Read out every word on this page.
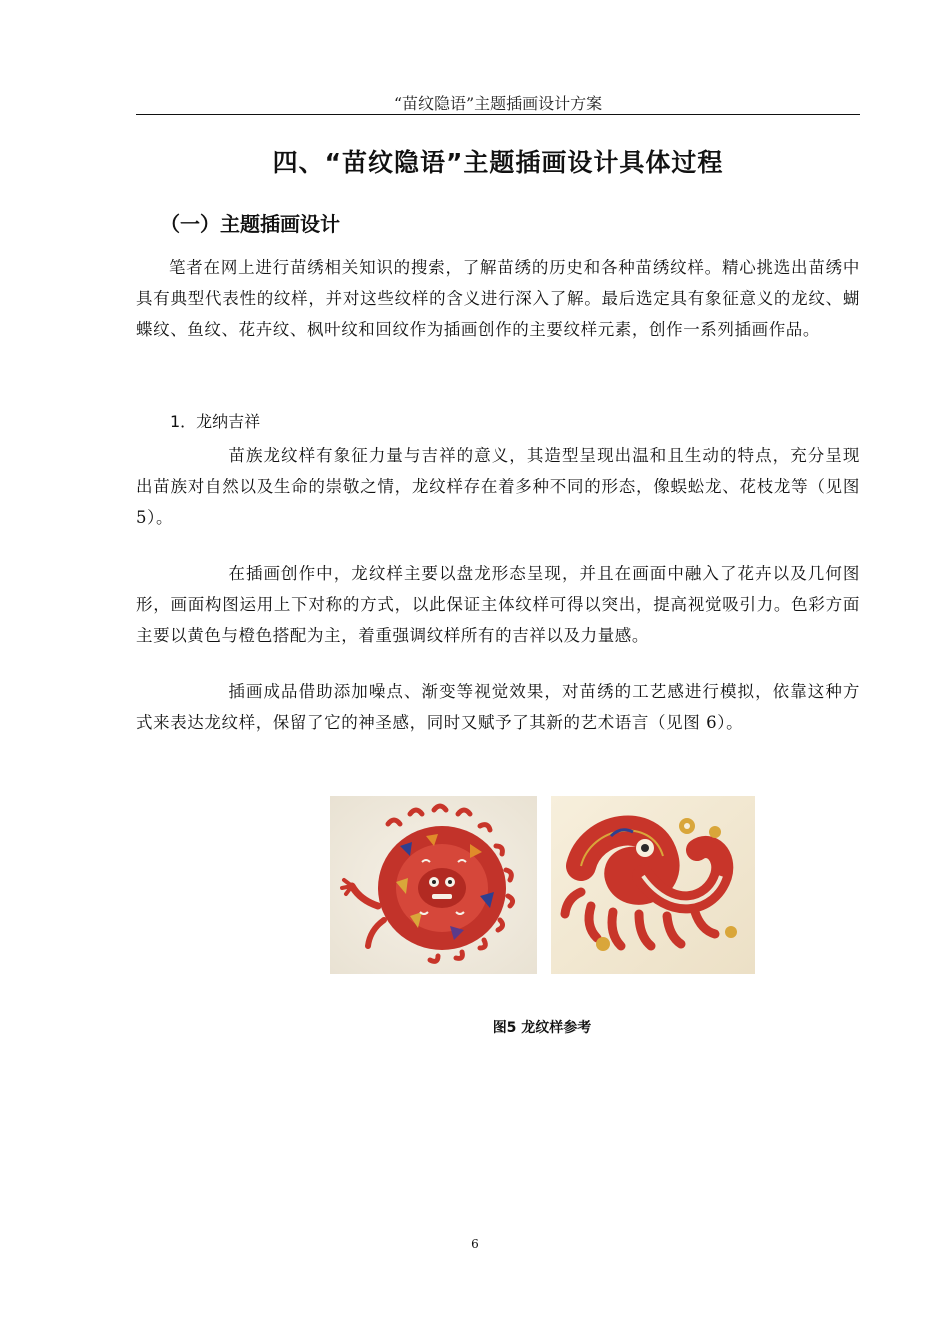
“苗纹隐语”主题插画设计方案
四、“苗纹隐语”主题插画设计具体过程
（一）主题插画设计

笔者在网上进行苗绣相关知识的搜索，了解苗绣的历史和各种苗绣纹样。精心挑选出苗绣中具有典型代表性的纹样，并对这些纹样的含义进行深入了解。最后选定具有象征意义的龙纹、蝴蝶纹、鱼纹、花卉纹、枫叶纹和回纹作为插画创作的主要纹样元素，创作一系列插画作品。

1．龙纳吉祥

苗族龙纹样有象征力量与吉祥的意义，其造型呈现出温和且生动的特点，充分呈现出苗族对自然以及生命的崇敬之情，龙纹样存在着多种不同的形态，像蜈蚣龙、花枝龙等（见图 5）。

在插画创作中，龙纹样主要以盘龙形态呈现，并且在画面中融入了花卉以及几何图形，画面构图运用上下对称的方式，以此保证主体纹样可得以突出，提高视觉吸引力。色彩方面主要以黄色与橙色搭配为主，着重强调纹样所有的吉祥以及力量感。

插画成品借助添加噪点、渐变等视觉效果，对苗绣的工艺感进行模拟，依靠这种方式来表达龙纹样，保留了它的神圣感，同时又赋予了其新的艺术语言（见图 6）。

图5 龙纹样参考
6
